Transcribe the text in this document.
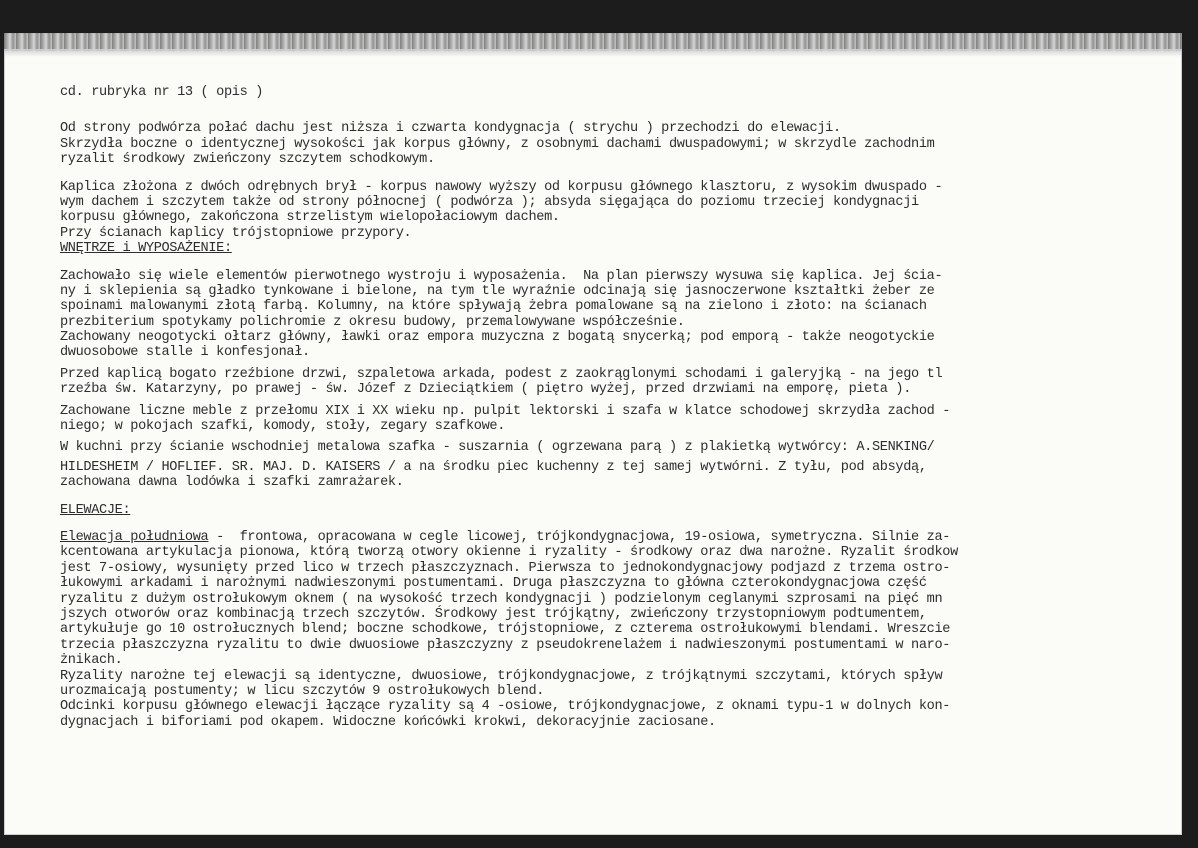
cd. rubryka nr 13 ( opis )
Od strony podwórza połać dachu jest niższa i czwarta kondygnacja ( strychu ) przechodzi do elewacji.
Skrzydła boczne o identycznej wysokości jak korpus główny, z osobnymi dachami dwuspadowymi; w skrzydle zachodnim
ryzalit środkowy zwieńczony szczytem schodkowym.
Kaplica złożona z dwóch odrębnych brył - korpus nawowy wyższy od korpusu głównego klasztoru, z wysokim dwuspado -
wym dachem i szczytem także od strony północnej ( podwórza ); absyda sięgająca do poziomu trzeciej kondygnacji
korpusu głównego, zakończona strzelistym wielopołaciowym dachem.
Przy ścianach kaplicy trójstopniowe przypory.
WNĘTRZE i WYPOSAŻENIE:
Zachowało się wiele elementów pierwotnego wystroju i wyposażenia.  Na plan pierwszy wysuwa się kaplica. Jej ścia-
ny i sklepienia są gładko tynkowane i bielone, na tym tle wyraźnie odcinają się jasnoczerwone kształtki żeber ze
spoinami malowanymi złotą farbą. Kolumny, na które spływają żebra pomalowane są na zielono i złoto: na ścianach
prezbiterium spotykamy polichromie z okresu budowy, przemalowywane współcześnie.
Zachowany neogotycki ołtarz główny, ławki oraz empora muzyczna z bogatą snycerką; pod emporą - także neogotyckie
dwuosobowe stalle i konfesjonał.
Przed kaplicą bogato rzeźbione drzwi, szpaletowa arkada, podest z zaokrąglonymi schodami i galeryjką - na jego tl
rzeźba św. Katarzyny, po prawej - św. Józef z Dzieciątkiem ( piętro wyżej, przed drzwiami na emporę, pieta ).
Zachowane liczne meble z przełomu XIX i XX wieku np. pulpit lektorski i szafa w klatce schodowej skrzydła zachod -
niego; w pokojach szafki, komody, stoły, zegary szafkowe.
W kuchni przy ścianie wschodniej metalowa szafka - suszarnia ( ogrzewana parą ) z plakietką wytwórcy: A.SENKING/
HILDESHEIM / HOFLIEF. SR. MAJ. D. KAISERS / a na środku piec kuchenny z tej samej wytwórni. Z tyłu, pod absydą,
zachowana dawna lodówka i szafki zamrażarek.
ELEWACJE:
Elewacja południowa -  frontowa, opracowana w cegle licowej, trójkondygnacjowa, 19-osiowa, symetryczna. Silnie za-
kcentowana artykulacja pionowa, którą tworzą otwory okienne i ryzality - środkowy oraz dwa narożne. Ryzalit środkow
jest 7-osiowy, wysunięty przed lico w trzech płaszczyznach. Pierwsza to jednokondygnacjowy podjazd z trzema ostro-
łukowymi arkadami i narożnymi nadwieszonymi postumentami. Druga płaszczyzna to główna czterokondygnacjowa część
ryzalitu z dużym ostrołukowym oknem ( na wysokość trzech kondygnacji ) podzielonym ceglanymi szprosami na pięć mn
jszych otworów oraz kombinacją trzech szczytów. Środkowy jest trójkątny, zwieńczony trzystopniowym podtumentem,
artykułuje go 10 ostrołucznych blend; boczne schodkowe, trójstopniowe, z czterema ostrołukowymi blendami. Wreszcie
trzecia płaszczyzna ryzalitu to dwie dwuosiowe płaszczyzny z pseudokrenelażem i nadwieszonymi postumentami w naro-
żnikach.
Ryzality narożne tej elewacji są identyczne, dwuosiowe, trójkondygnacjowe, z trójkątnymi szczytami, których spływ
urozmaicają postumenty; w licu szczytów 9 ostrołukowych blend.
Odcinki korpusu głównego elewacji łączące ryzality są 4 -osiowe, trójkondygnacjowe, z oknami typu-1 w dolnych kon-
dygnacjach i biforiami pod okapem. Widoczne końcówki krokwi, dekoracyjnie zaciosane.
